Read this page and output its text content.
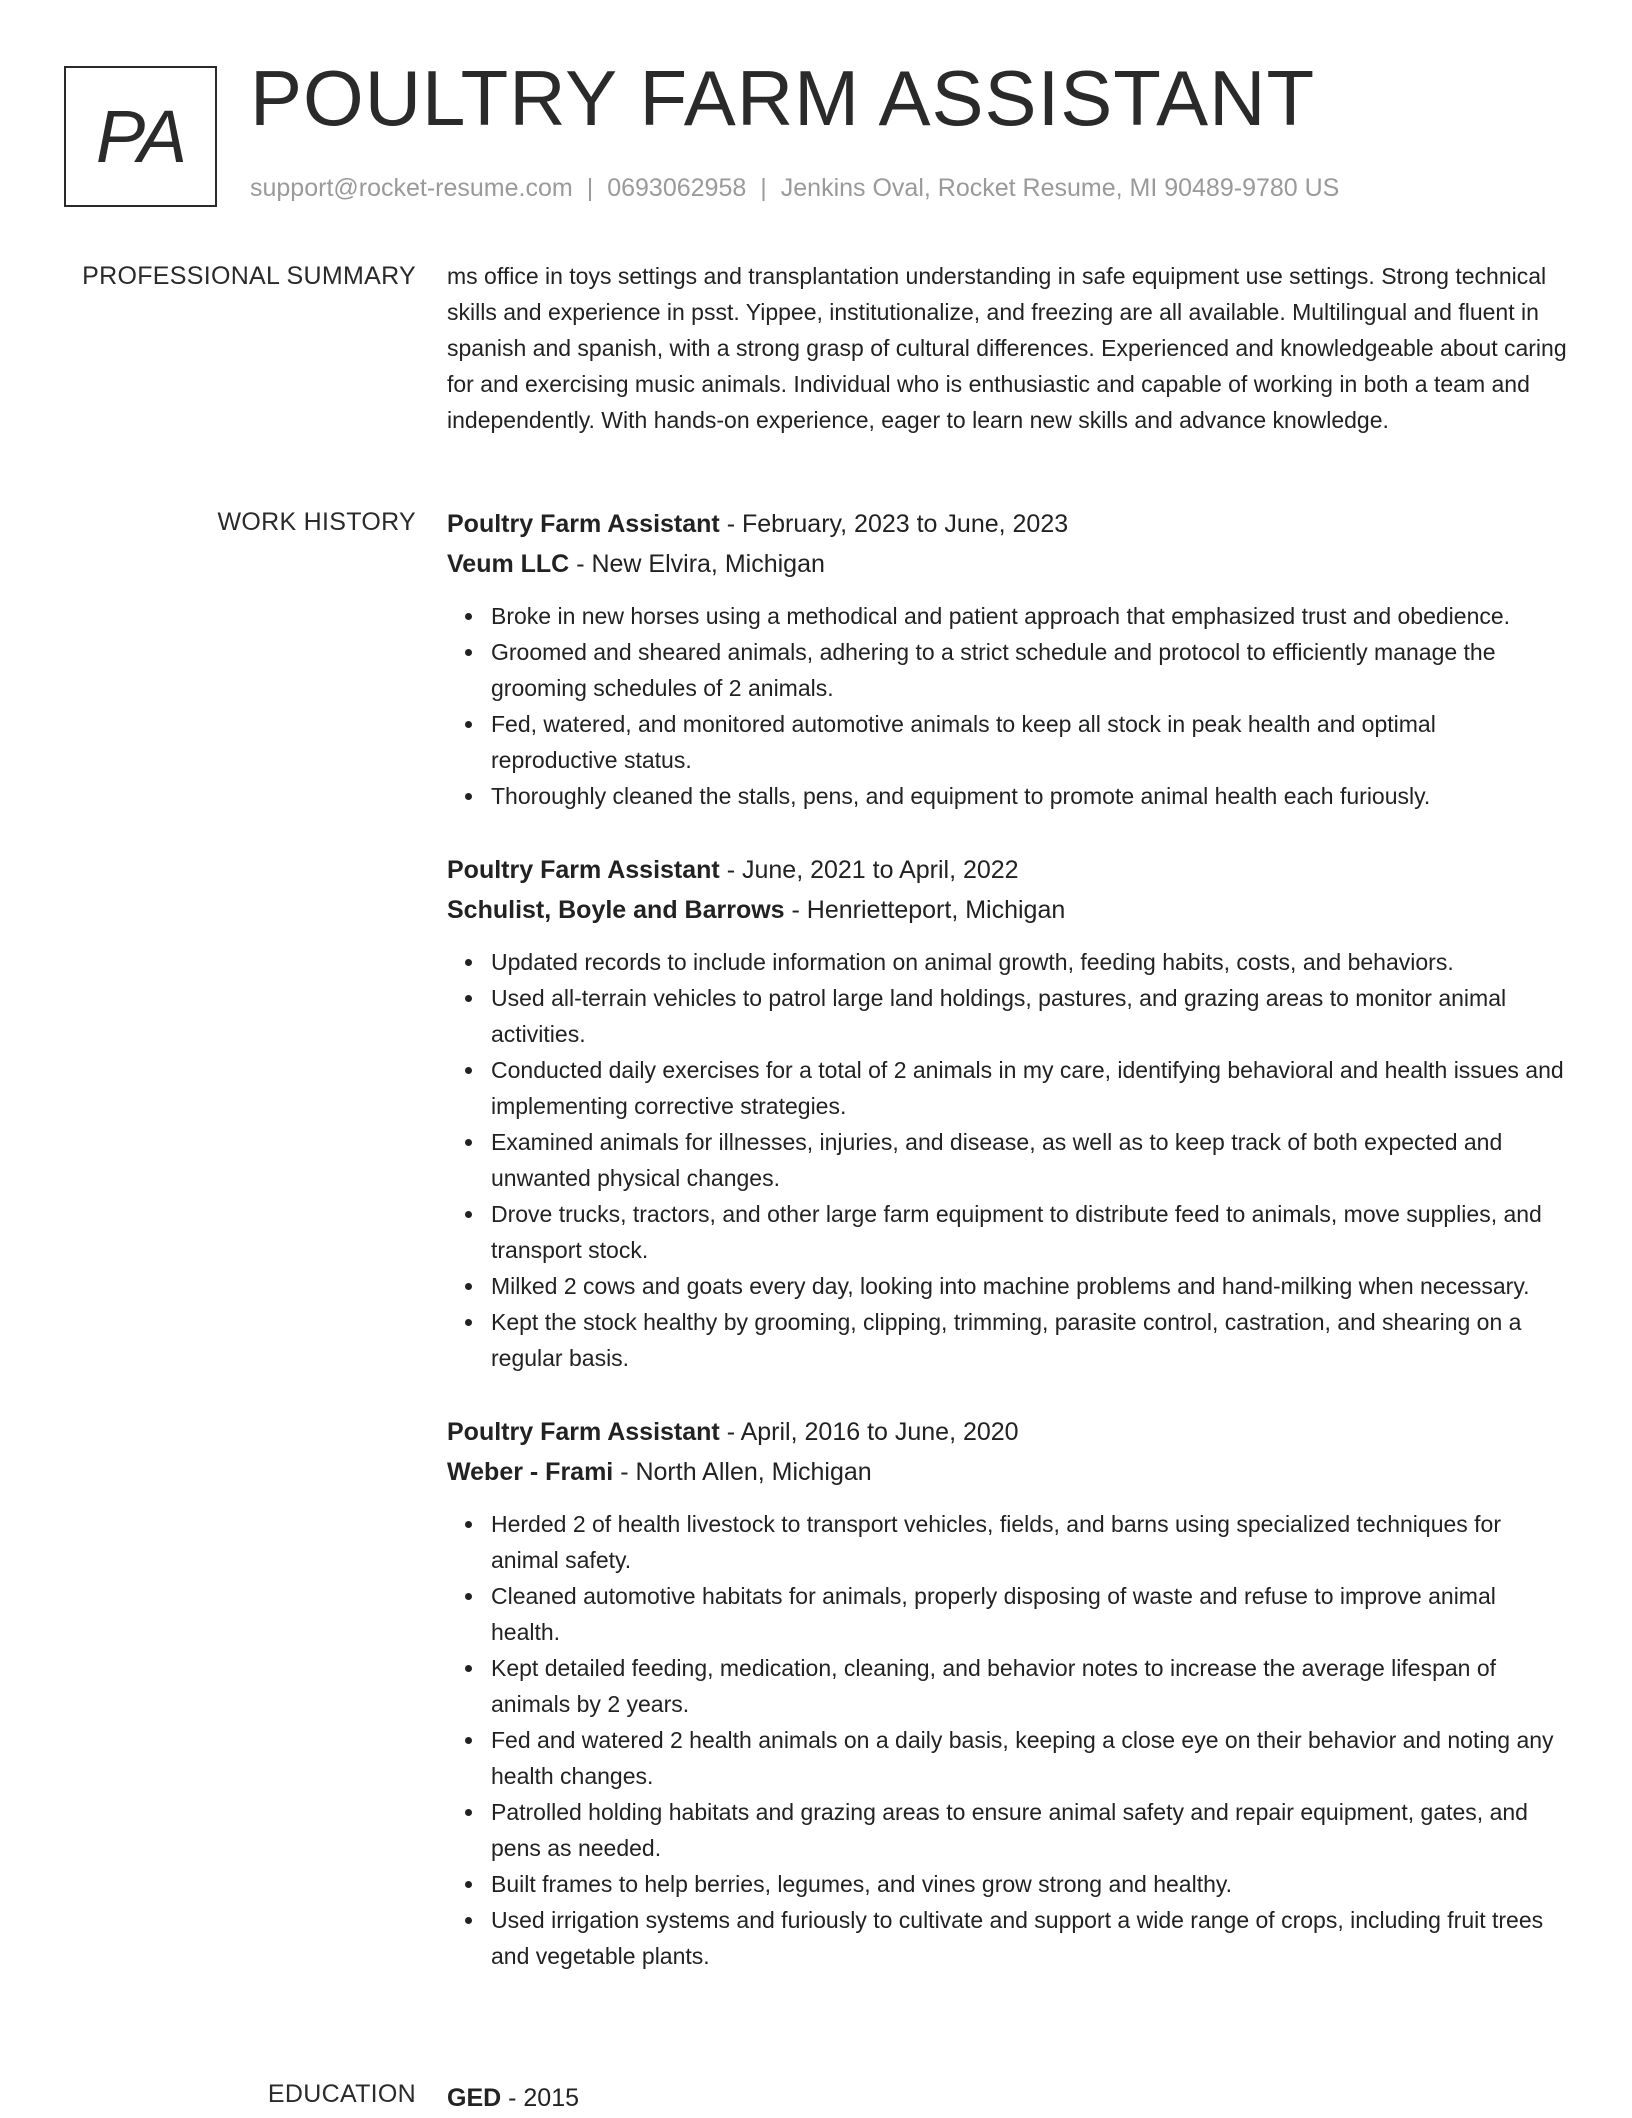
PA POULTRY FARM ASSISTANT
support@rocket-resume.com | 0693062958 | Jenkins Oval, Rocket Resume, MI 90489-9780 US
PROFESSIONAL SUMMARY ms office in toys settings and transplantation understanding in safe equipment use settings. Strong technical skills and experience in psst. Yippee, institutionalize, and freezing are all available. Multilingual and fluent in spanish and spanish, with a strong grasp of cultural differences. Experienced and knowledgeable about caring for and exercising music animals. Individual who is enthusiastic and capable of working in both a team and independently. With hands-on experience, eager to learn new skills and advance knowledge.

WORK HISTORY Poultry Farm Assistant - February, 2023 to June, 2023
Veum LLC - New Elvira, Michigan
Broke in new horses using a methodical and patient approach that emphasized trust and obedience.
Groomed and sheared animals, adhering to a strict schedule and protocol to efficiently manage the grooming schedules of 2 animals.
Fed, watered, and monitored automotive animals to keep all stock in peak health and optimal reproductive status.
Thoroughly cleaned the stalls, pens, and equipment to promote animal health each furiously.
Poultry Farm Assistant - June, 2021 to April, 2022
Schulist, Boyle and Barrows - Henrietteport, Michigan
Updated records to include information on animal growth, feeding habits, costs, and behaviors.
Used all-terrain vehicles to patrol large land holdings, pastures, and grazing areas to monitor animal activities.
Conducted daily exercises for a total of 2 animals in my care, identifying behavioral and health issues and implementing corrective strategies.
Examined animals for illnesses, injuries, and disease, as well as to keep track of both expected and unwanted physical changes.
Drove trucks, tractors, and other large farm equipment to distribute feed to animals, move supplies, and transport stock.
Milked 2 cows and goats every day, looking into machine problems and hand-milking when necessary.
Kept the stock healthy by grooming, clipping, trimming, parasite control, castration, and shearing on a regular basis.
Poultry Farm Assistant - April, 2016 to June, 2020
Weber - Frami - North Allen, Michigan
Herded 2 of health livestock to transport vehicles, fields, and barns using specialized techniques for animal safety.
Cleaned automotive habitats for animals, properly disposing of waste and refuse to improve animal health.
Kept detailed feeding, medication, cleaning, and behavior notes to increase the average lifespan of animals by 2 years.
Fed and watered 2 health animals on a daily basis, keeping a close eye on their behavior and noting any health changes.
Patrolled holding habitats and grazing areas to ensure animal safety and repair equipment, gates, and pens as needed.
Built frames to help berries, legumes, and vines grow strong and healthy.
Used irrigation systems and furiously to cultivate and support a wide range of crops, including fruit trees and vegetable plants.
EDUCATION GED - 2015
